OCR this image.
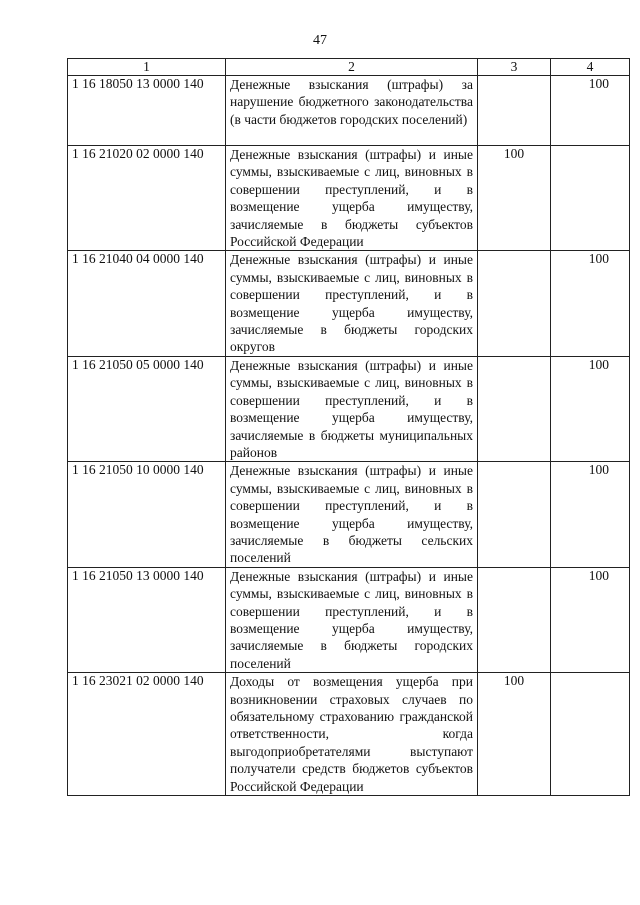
47
1	2	3	4
1 16 18050 13 0000 140	Денежные взыскания (штрафы) за нарушение бюджетного законодательства (в части бюджетов городских поселений)		100
1 16 21020 02 0000 140	Денежные взыскания (штрафы) и иные суммы, взыскиваемые с лиц, виновных в совершении преступлений, и в возмещение ущерба имуществу, зачисляемые в бюджеты субъектов Российской Федерации	100	
1 16 21040 04 0000 140	Денежные взыскания (штрафы) и иные суммы, взыскиваемые с лиц, виновных в совершении преступлений, и в возмещение ущерба имуществу, зачисляемые в бюджеты городских округов		100
1 16 21050 05 0000 140	Денежные взыскания (штрафы) и иные суммы, взыскиваемые с лиц, виновных в совершении преступлений, и в возмещение ущерба имуществу, зачисляемые в бюджеты муниципальных районов		100
1 16 21050 10 0000 140	Денежные взыскания (штрафы) и иные суммы, взыскиваемые с лиц, виновных в совершении преступлений, и в возмещение ущерба имуществу, зачисляемые в бюджеты сельских поселений		100
1 16 21050 13 0000 140	Денежные взыскания (штрафы) и иные суммы, взыскиваемые с лиц, виновных в совершении преступлений, и в возмещение ущерба имуществу, зачисляемые в бюджеты городских поселений		100
1 16 23021 02 0000 140	Доходы от возмещения ущерба при возникновении страховых случаев по обязательному страхованию гражданской ответственности, когда выгодоприобретателями выступают получатели средств бюджетов субъектов Российской Федерации	100	
